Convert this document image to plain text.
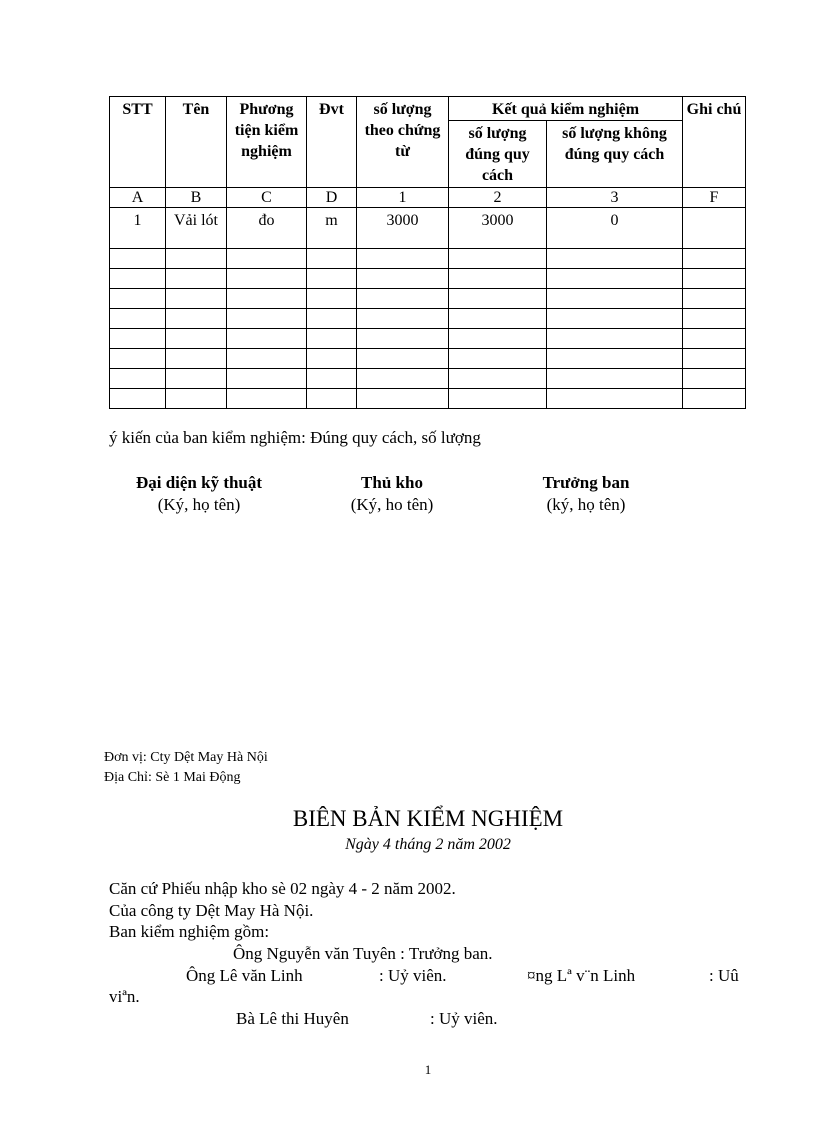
STT	Tên	Phương tiện kiểm nghiệm	Đvt	số lượng theo chứng từ	Kết quả kiểm nghiệm		Ghi chú
					số lượng đúng quy cách	số lượng không đúng quy cách	
A	B	C	D	1	2	3	F
1	Vải lót	đo	m	3000	3000	0	

ý kiến của ban kiểm nghiệm: Đúng quy cách, số lượng
Đại diện kỹ thuật
(Ký, họ tên)
Thủ kho
(Ký, ho tên)
Trưởng ban
(ký, họ tên)
Đơn vị: Cty Dệt May Hà Nội
Địa Chỉ: Sè 1 Mai Động
BIÊN BẢN KIỂM NGHIỆM
Ngày 4 tháng 2 năm 2002
Căn cứ Phiếu nhập kho sè 02 ngày 4 - 2 năm 2002.
Của công ty Dệt May Hà Nội.
Ban kiểm nghiệm gồm:
Ông Nguyễn văn Tuyên : Trưởng ban.
Ông Lê văn Linh	: Uỷ viên.	¤ng Lª v¨n Linh	: Uû
viªn.
Bà Lê thi Huyên	: Uỷ viên.
1
